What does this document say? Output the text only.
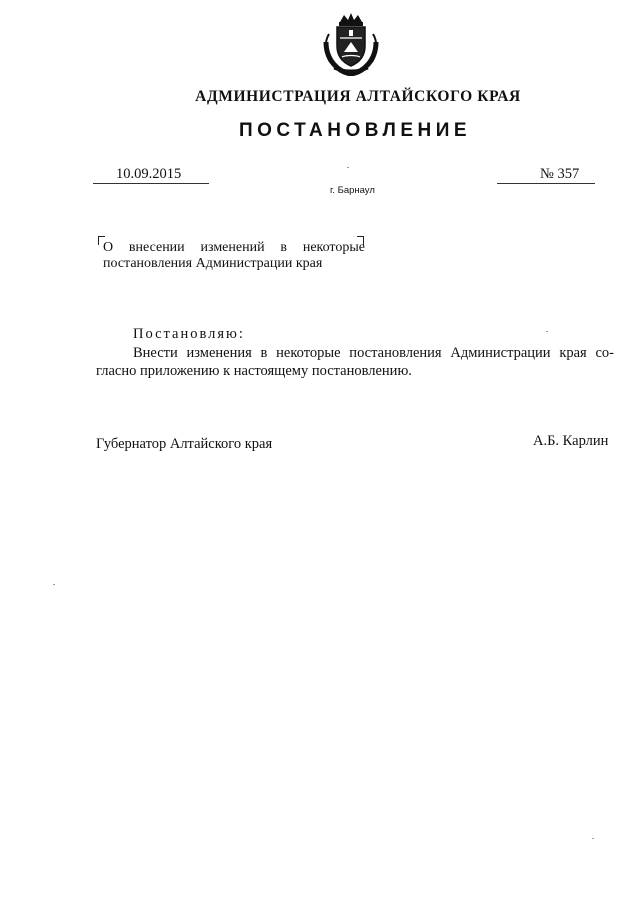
АДМИНИСТРАЦИЯ АЛТАЙСКОГО КРАЯ
ПОСТАНОВЛЕНИЕ
10.09.2015	№ 357
г. Барнаул
О внесении изменений в некоторые
постановления Администрации края
Постановляю:
Внести изменения в некоторые постановления Администрации края со-
гласно приложению к настоящему постановлению.
Губернатор Алтайского края	А.Б. Карлин
